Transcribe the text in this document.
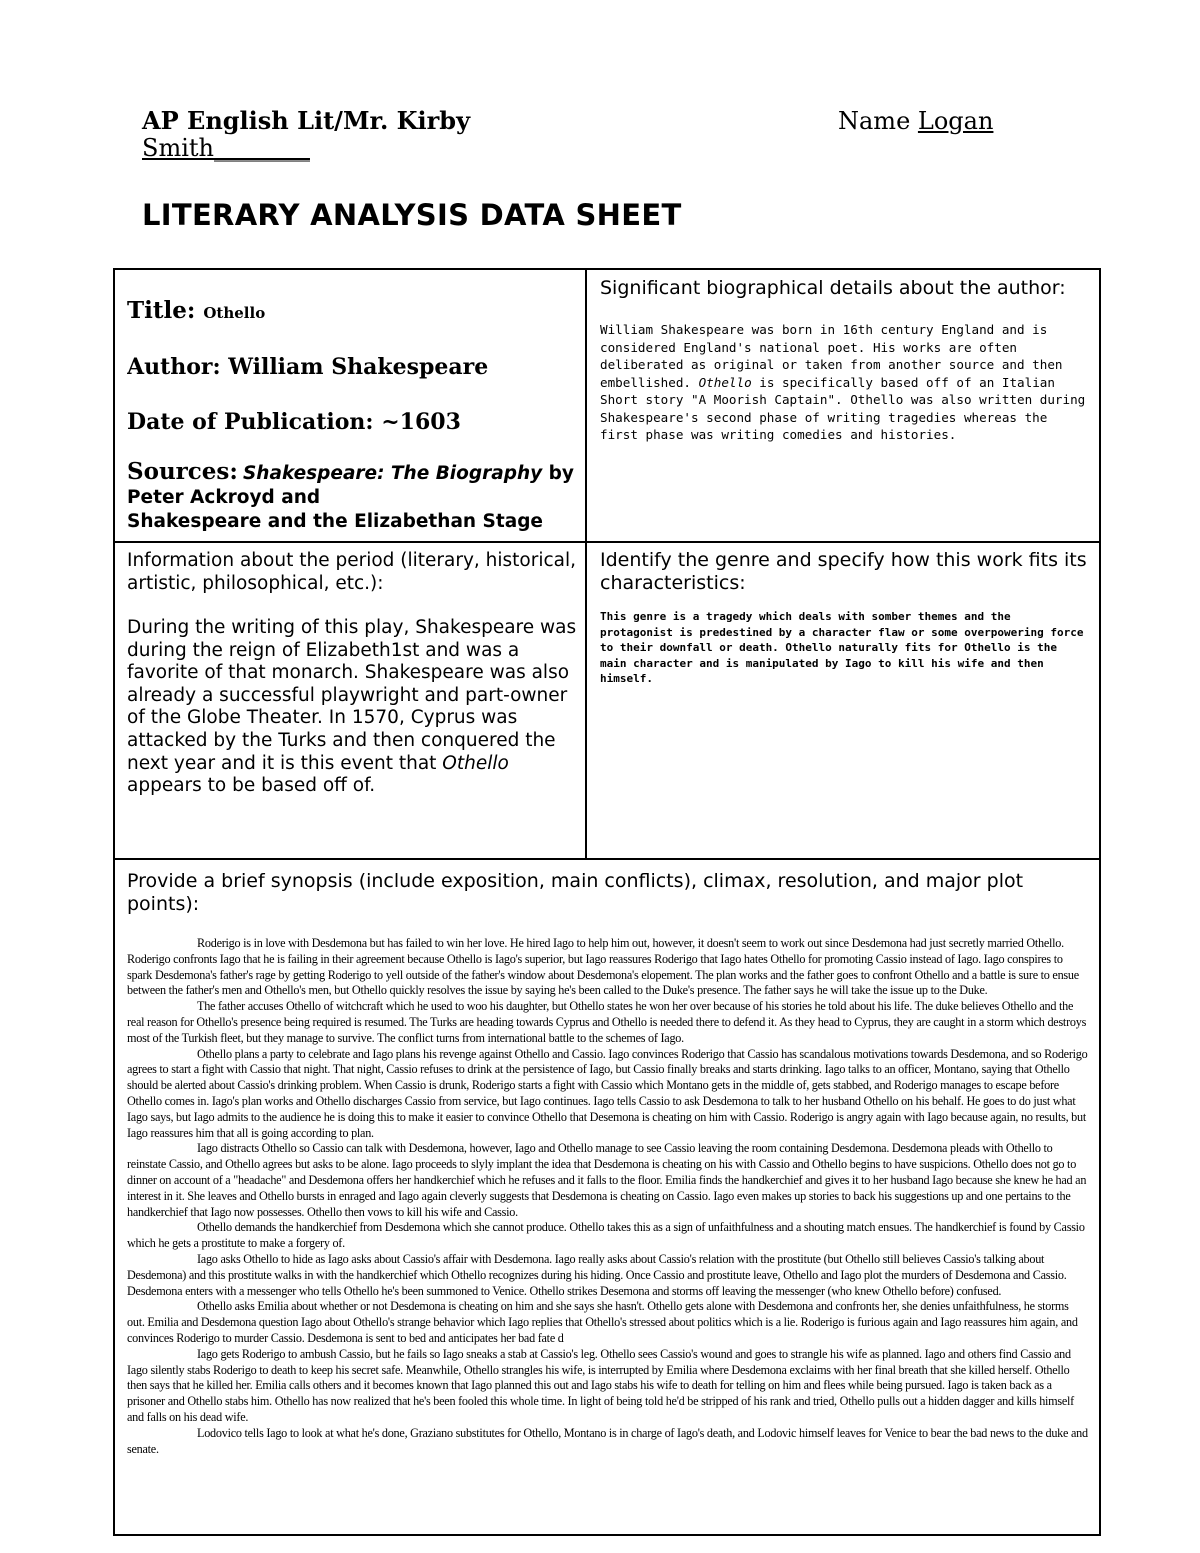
AP English Lit/Mr. Kirby	Name Logan
Smith________
LITERARY ANALYSIS DATA SHEET
Title: Othello
Author: William Shakespeare
Date of Publication: ~1603
Sources: Shakespeare: The Biography by Peter Ackroyd and
Shakespeare and the Elizabethan Stage
Significant biographical details about the author:
William Shakespeare was born in 16th century England and is considered England's national poet. His works are often deliberated as original or taken from another source and then embellished. Othello is specifically based off of an Italian Short story "A Moorish Captain". Othello was also written during Shakespeare's second phase of writing tragedies whereas the first phase was writing comedies and histories.
Information about the period (literary, historical, artistic, philosophical, etc.):
During the writing of this play, Shakespeare was during the reign of Elizabeth1st and was a favorite of that monarch. Shakespeare was also already a successful playwright and part-owner of the Globe Theater. In 1570, Cyprus was attacked by the Turks and then conquered the next year and it is this event that Othello appears to be based off of.
Identify the genre and specify how this work fits its characteristics:
This genre is a tragedy which deals with somber themes and the protagonist is predestined by a character flaw or some overpowering force to their downfall or death. Othello naturally fits for Othello is the main character and is manipulated by Iago to kill his wife and then himself.
Provide a brief synopsis (include exposition, main conflicts), climax, resolution, and major plot points):

Roderigo is in love with Desdemona but has failed to win her love. He hired Iago to help him out, however, it doesn't seem to work out since Desdemona had just secretly married Othello. Roderigo confronts Iago that he is failing in their agreement because Othello is Iago's superior, but Iago reassures Roderigo that Iago hates Othello for promoting Cassio instead of Iago. Iago conspires to spark Desdemona's father's rage by getting Roderigo to yell outside of the father's window about Desdemona's elopement. The plan works and the father goes to confront Othello and a battle is sure to ensue between the father's men and Othello's men, but Othello quickly resolves the issue by saying he's been called to the Duke's presence. The father says he will take the issue up to the Duke.

The father accuses Othello of witchcraft which he used to woo his daughter, but Othello states he won her over because of his stories he told about his life. The duke believes Othello and the real reason for Othello's presence being required is resumed. The Turks are heading towards Cyprus and Othello is needed there to defend it. As they head to Cyprus, they are caught in a storm which destroys most of the Turkish fleet, but they manage to survive. The conflict turns from international battle to the schemes of Iago.

Othello plans a party to celebrate and Iago plans his revenge against Othello and Cassio. Iago convinces Roderigo that Cassio has scandalous motivations towards Desdemona, and so Roderigo agrees to start a fight with Cassio that night. That night, Cassio refuses to drink at the persistence of Iago, but Cassio finally breaks and starts drinking. Iago talks to an officer, Montano, saying that Othello should be alerted about Cassio's drinking problem. When Cassio is drunk, Roderigo starts a fight with Cassio which Montano gets in the middle of, gets stabbed, and Roderigo manages to escape before Othello comes in. Iago's plan works and Othello discharges Cassio from service, but Iago continues. Iago tells Cassio to ask Desdemona to talk to her husband Othello on his behalf. He goes to do just what Iago says, but Iago admits to the audience he is doing this to make it easier to convince Othello that Desemona is cheating on him with Cassio. Roderigo is angry again with Iago because again, no results, but Iago reassures him that all is going according to plan.

Iago distracts Othello so Cassio can talk with Desdemona, however, Iago and Othello manage to see Cassio leaving the room containing Desdemona. Desdemona pleads with Othello to reinstate Cassio, and Othello agrees but asks to be alone. Iago proceeds to slyly implant the idea that Desdemona is cheating on his with Cassio and Othello begins to have suspicions. Othello does not go to dinner on account of a "headache" and Desdemona offers her handkerchief which he refuses and it falls to the floor. Emilia finds the handkerchief and gives it to her husband Iago because she knew he had an interest in it. She leaves and Othello bursts in enraged and Iago again cleverly suggests that Desdemona is cheating on Cassio. Iago even makes up stories to back his suggestions up and one pertains to the handkerchief that Iago now possesses. Othello then vows to kill his wife and Cassio.

Othello demands the handkerchief from Desdemona which she cannot produce. Othello takes this as a sign of unfaithfulness and a shouting match ensues. The handkerchief is found by Cassio which he gets a prostitute to make a forgery of.

Iago asks Othello to hide as Iago asks about Cassio's affair with Desdemona. Iago really asks about Cassio's relation with the prostitute (but Othello still believes Cassio's talking about Desdemona) and this prostitute walks in with the handkerchief which Othello recognizes during his hiding. Once Cassio and prostitute leave, Othello and Iago plot the murders of Desdemona and Cassio. Desdemona enters with a messenger who tells Othello he's been summoned to Venice. Othello strikes Desemona and storms off leaving the messenger (who knew Othello before) confused.

Othello asks Emilia about whether or not Desdemona is cheating on him and she says she hasn't. Othello gets alone with Desdemona and confronts her, she denies unfaithfulness, he storms out. Emilia and Desdemona question Iago about Othello's strange behavior which Iago replies that Othello's stressed about politics which is a lie. Roderigo is furious again and Iago reassures him again, and convinces Roderigo to murder Cassio. Desdemona is sent to bed and anticipates her bad fate d

Iago gets Roderigo to ambush Cassio, but he fails so Iago sneaks a stab at Cassio's leg. Othello sees Cassio's wound and goes to strangle his wife as planned. Iago and others find Cassio and Iago silently stabs Roderigo to death to keep his secret safe. Meanwhile, Othello strangles his wife, is interrupted by Emilia where Desdemona exclaims with her final breath that she killed herself. Othello then says that he killed her. Emilia calls others and it becomes known that Iago planned this out and Iago stabs his wife to death for telling on him and flees while being pursued. Iago is taken back as a prisoner and Othello stabs him. Othello has now realized that he's been fooled this whole time. In light of being told he'd be stripped of his rank and tried, Othello pulls out a hidden dagger and kills himself and falls on his dead wife.

Lodovico tells Iago to look at what he's done, Graziano substitutes for Othello, Montano is in charge of Iago's death, and Lodovic himself leaves for Venice to bear the bad news to the duke and senate.
